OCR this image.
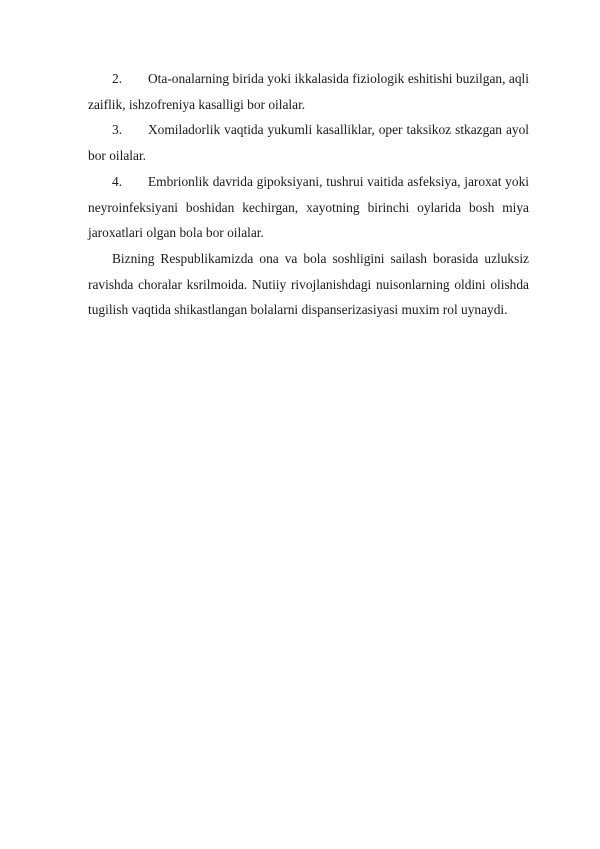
2. Ota-onalarning birida yoki ikkalasida fiziologik eshitishi buzilgan, aqli zaiflik, ishzofreniya kasalligi bor oilalar.

3. Xomiladorlik vaqtida yukumli kasalliklar, oper taksikoz stkazgan ayol bor oilalar.

4. Embrionlik davrida gipoksiyani, tushrui vaitida asfeksiya, jaroxat yoki neyroinfeksiyani boshidan kechirgan, xayotning birinchi oylarida bosh miya jaroxatlari olgan bola bor oilalar.

Bizning Respublikamizda ona va bola soshligini sailash borasida uzluksiz ravishda choralar ksrilmoida. Nutiiy rivojlanishdagi nuisonlarning oldini olishda tugilish vaqtida shikastlangan bolalarni dispanserizasiyasi muxim rol uynaydi.
